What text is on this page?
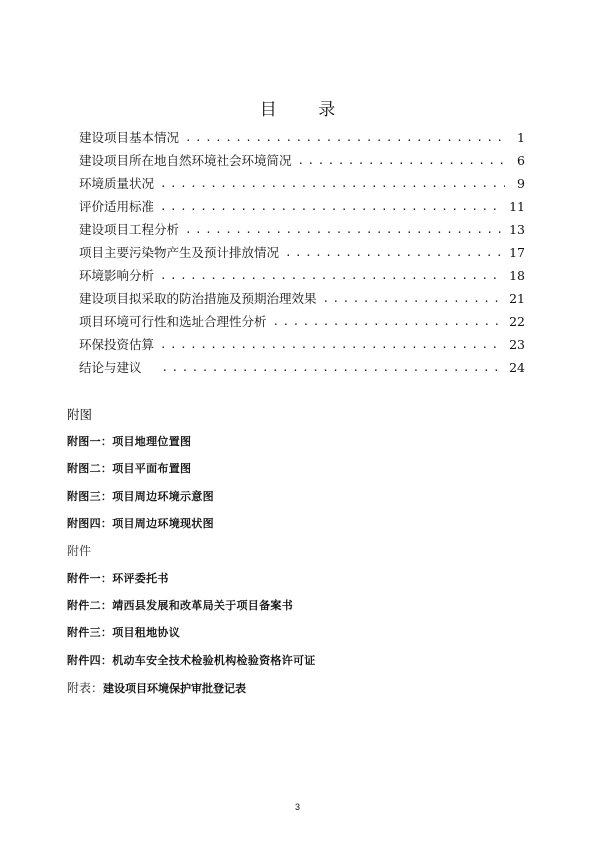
目 录
建设项目基本情况 . . .	1
建设项目所在地自然环境社会环境简况 . . .	6
环境质量状况 . . .	9
评价适用标准 . . .	11
建设项目工程分析 . . .	13
项目主要污染物产生及预计排放情况 . . .	17
环境影响分析 . . .	18
建设项目拟采取的防治措施及预期治理效果 . . .	21
项目环境可行性和选址合理性分析 . . .	22
环保投资估算 . . .	23
结论与建议 . . .	24
附图
附图一：项目地理位置图
附图二：项目平面布置图
附图三：项目周边环境示意图
附图四：项目周边环境现状图
附件
附件一：环评委托书
附件二：靖西县发展和改革局关于项目备案书
附件三：项目租地协议
附件四：机动车安全技术检验机构检验资格许可证
附表：建设项目环境保护审批登记表
3
